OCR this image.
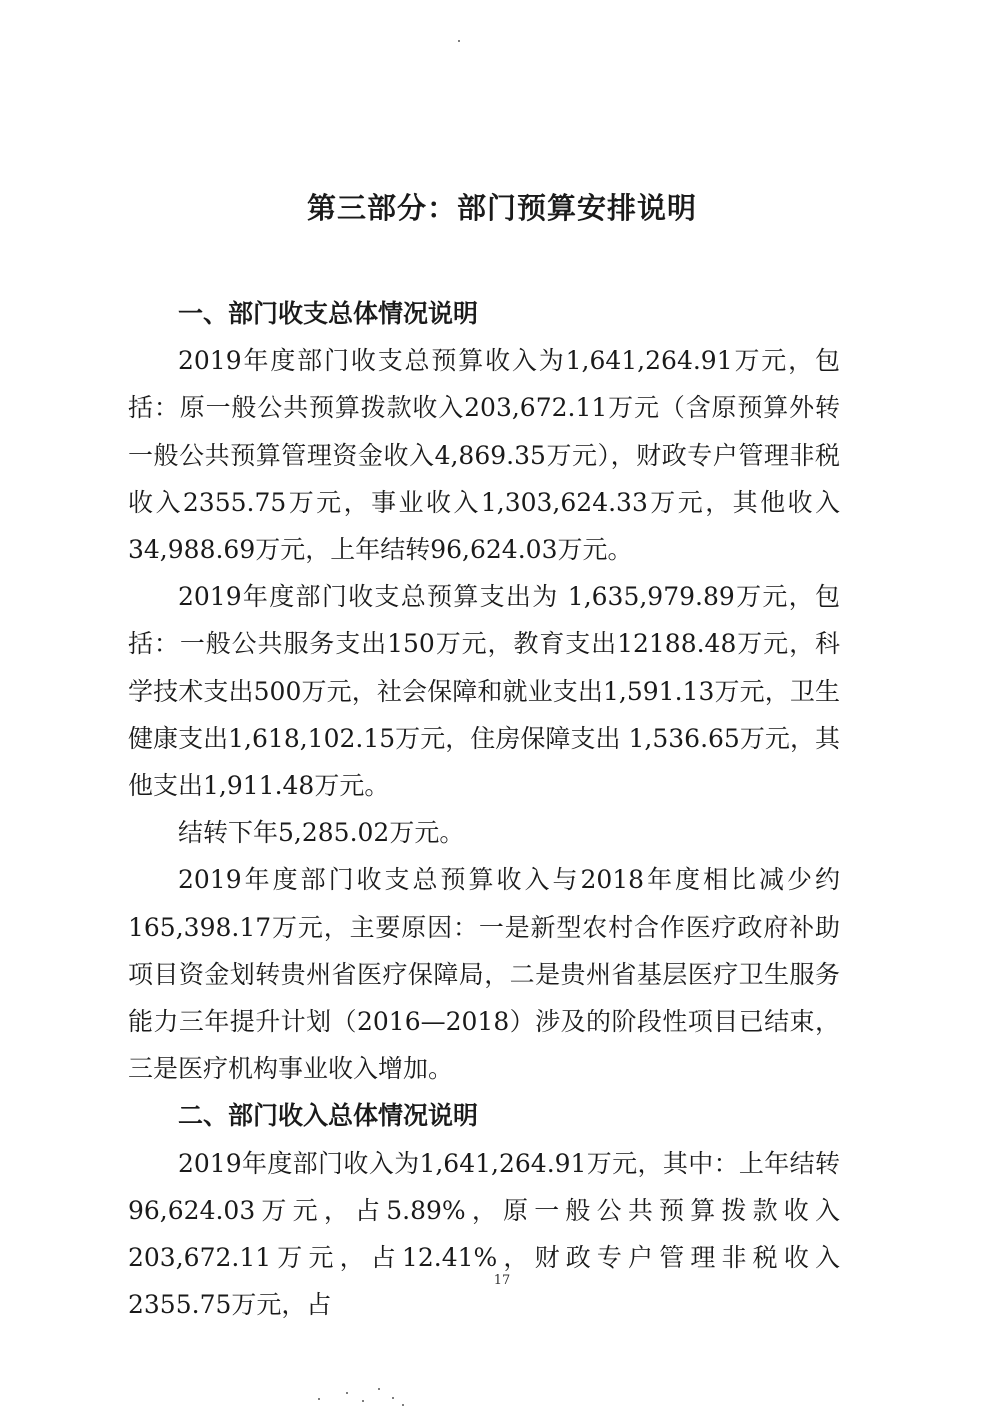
第三部分：部门预算安排说明
一、部门收支总体情况说明

2019年度部门收支总预算收入为1,641,264.91万元，包括：原一般公共预算拨款收入203,672.11万元（含原预算外转一般公共预算管理资金收入4,869.35万元），财政专户管理非税收入2355.75万元，事业收入1,303,624.33万元，其他收入34,988.69万元，上年结转96,624.03万元。

2019年度部门收支总预算支出为 1,635,979.89万元，包括：一般公共服务支出150万元，教育支出12188.48万元，科学技术支出500万元，社会保障和就业支出1,591.13万元，卫生健康支出1,618,102.15万元，住房保障支出 1,536.65万元，其他支出1,911.48万元。

结转下年5,285.02万元。

2019年度部门收支总预算收入与2018年度相比减少约165,398.17万元，主要原因：一是新型农村合作医疗政府补助项目资金划转贵州省医疗保障局，二是贵州省基层医疗卫生服务能力三年提升计划（2016—2018）涉及的阶段性项目已结束，三是医疗机构事业收入增加。

二、部门收入总体情况说明

2019年度部门收入为1,641,264.91万元，其中：上年结转96,624.03万元，占5.89%，原一般公共预算拨款收入203,672.11万元，占12.41%，财政专户管理非税收入2355.75万元，占

17
